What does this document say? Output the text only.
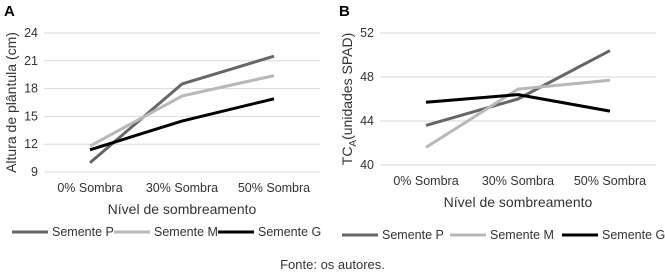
A
9
12
15
18
21
24
0% Sombra 30% Sombra 50% Sombra
Nível de sombreamento
Altura de plântula (cm)
Semente P	Semente M	Semente G
B
40
44
48
52
0% Sombra 30% Sombra 50% Sombra
Nível de sombreamento
$TC_A(unidades$ SPAD)
Semente P	Semente M	Semente G
Fonte: os autores.
